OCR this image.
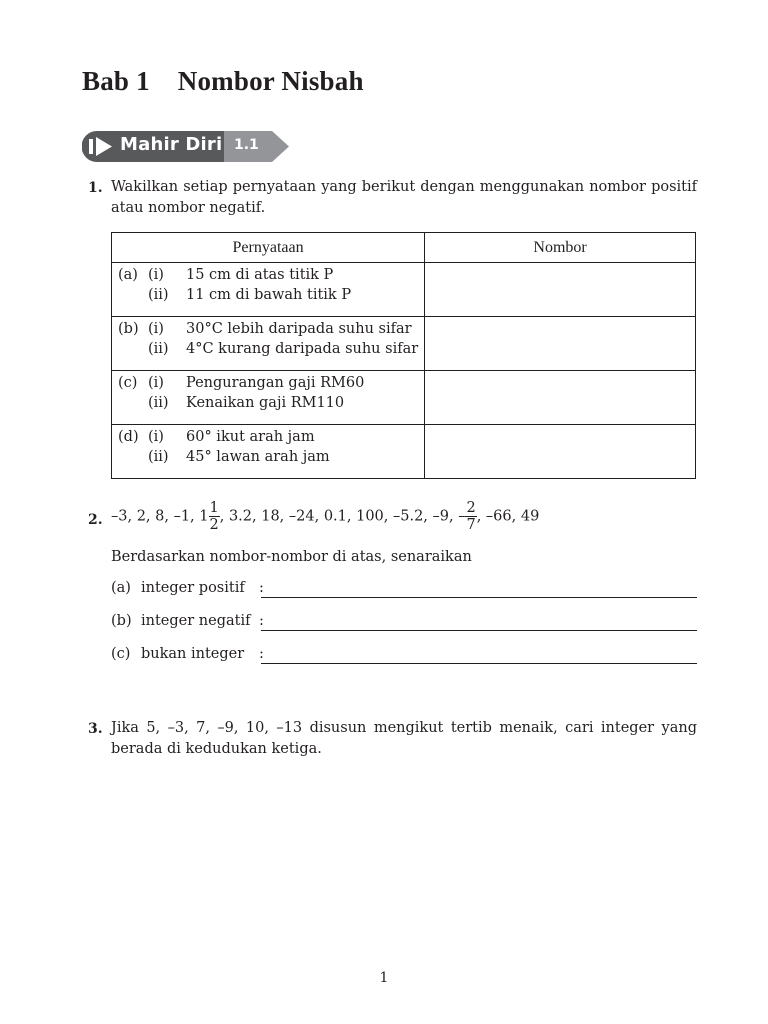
Bab 1 Nombor Nisbah
Mahir Diri 1.1
1. Wakilkan setiap pernyataan yang berikut dengan menggunakan nombor positif atau nombor negatif.
Pernyataan	Nombor

(a) (i) 15 cm di atas titik P
(ii) 11 cm di bawah titik P	

(b) (i) 30°C lebih daripada suhu sifar
(ii) 4°C kurang daripada suhu sifar	

(c) (i) Pengurangan gaji RM60
(ii) Kenaikan gaji RM110	

(d) (i) 60° ikut arah jam
(ii) 45° lawan arah jam	

2. –3, 2, 8, –1, $1 \frac{1}{2}$ , 3.2, 18, –24, 0.1, 100, –5.2, –9, – $\frac{2}{7}$ , –66, 49
Berdasarkan nombor-nombor di atas, senaraikan
(a) integer positif :
(b) integer negatif :
(c) bukan integer :
3. Jika 5, –3, 7, –9, 10, –13 disusun mengikut tertib menaik, cari integer yang berada di kedudukan ketiga.
1
